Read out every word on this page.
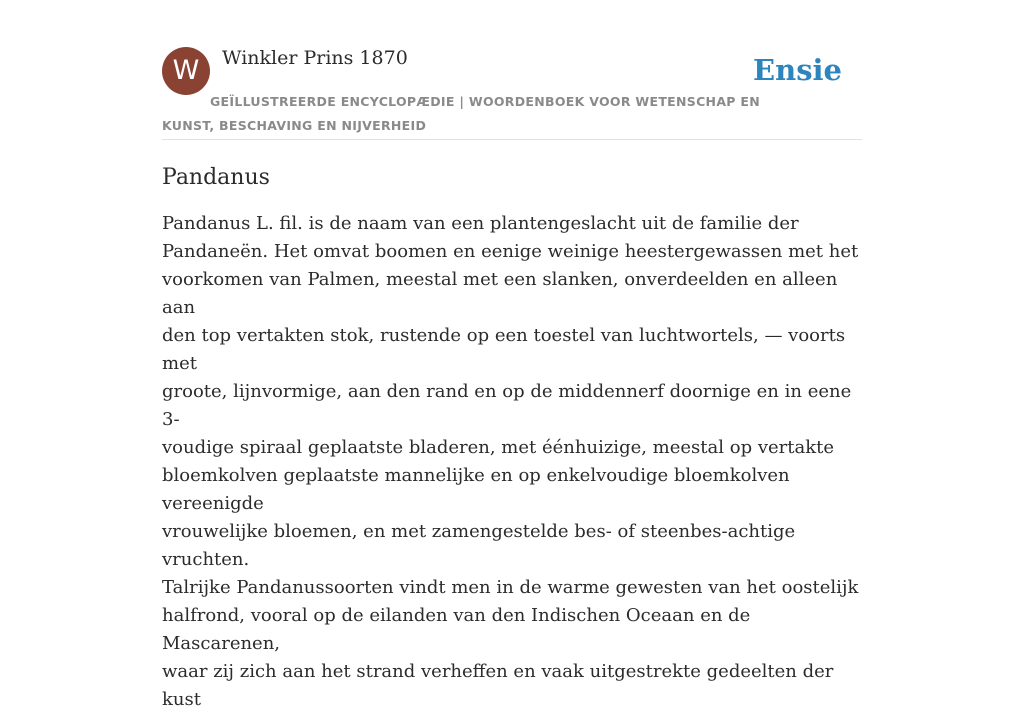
W	Winkler Prins 1870	Ensie
GEÏLLUSTREERDE ENCYCLOPÆDIE | WOORDENBOEK VOOR WETENSCHAP EN KUNST, BESCHAVING EN NIJVERHEID
Pandanus

Pandanus L. fil. is de naam van een plantengeslacht uit de familie der
Pandaneën. Het omvat boomen en eenige weinige heestergewassen met het
voorkomen van Palmen, meestal met een slanken, onverdeelden en alleen aan
den top vertakten stok, rustende op een toestel van luchtwortels, — voorts met
groote, lijnvormige, aan den rand en op de middennerf doornige en in eene 3-
voudige spiraal geplaatste bladeren, met éénhuizige, meestal op vertakte
bloemkolven geplaatste mannelijke en op enkelvoudige bloemkolven vereenigde
vrouwelijke bloemen, en met zamengestelde bes- of steenbes-achtige vruchten.
Talrijke Pandanussoorten vindt men in de warme gewesten van het oostelijk
halfrond, vooral op de eilanden van den Indischen Oceaan en de Mascarenen,
waar zij zich aan het strand verheffen en vaak uitgestrekte gedeelten der kust
